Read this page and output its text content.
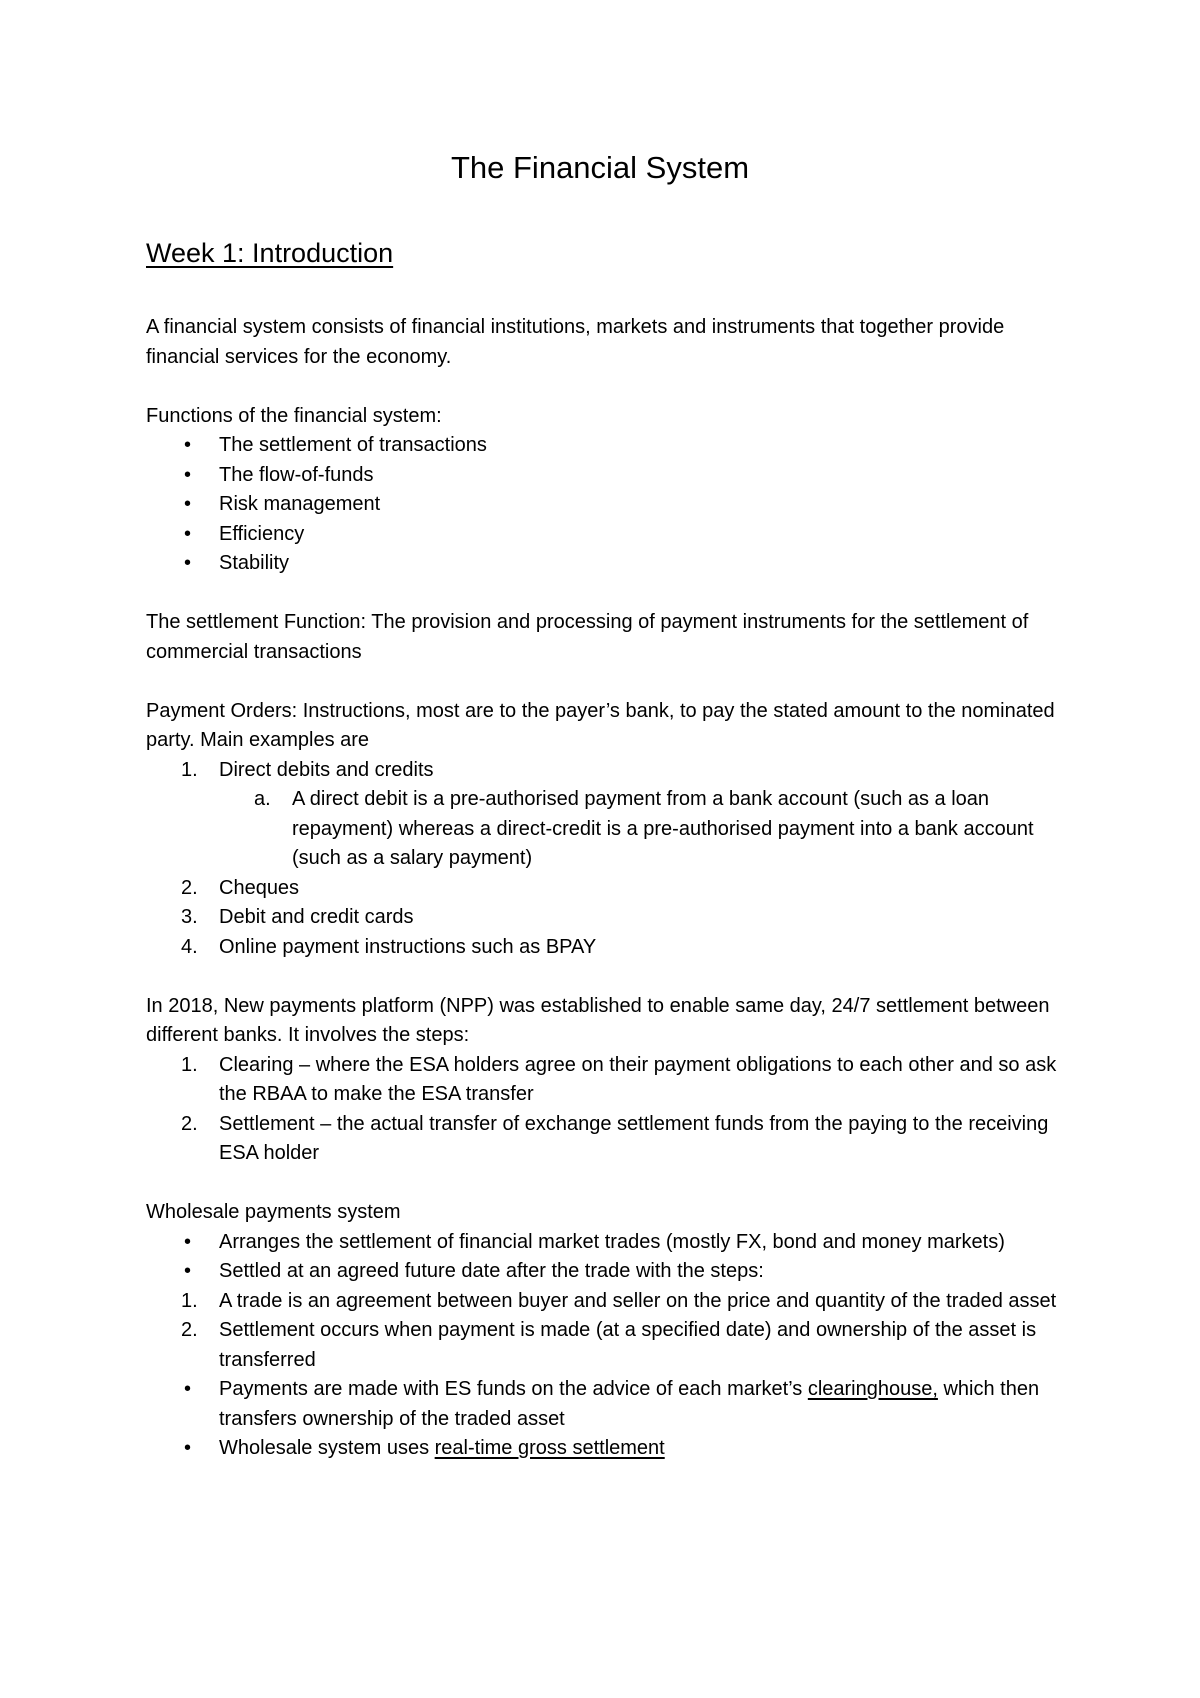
The Financial System
Week 1: Introduction

A financial system consists of financial institutions, markets and instruments that together provide financial services for the economy.

Functions of the financial system:

• The settlement of transactions
• The flow-of-funds
• Risk management
• Efficiency
• Stability

The settlement Function: The provision and processing of payment instruments for the settlement of commercial transactions

Payment Orders: Instructions, most are to the payer’s bank, to pay the stated amount to the nominated party. Main examples are

1. Direct debits and credits
a. A direct debit is a pre-authorised payment from a bank account (such as a loan repayment) whereas a direct-credit is a pre-authorised payment into a bank account (such as a salary payment)
2. Cheques
3. Debit and credit cards
4. Online payment instructions such as BPAY

In 2018, New payments platform (NPP) was established to enable same day, 24/7 settlement between different banks. It involves the steps:

1. Clearing – where the ESA holders agree on their payment obligations to each other and so ask the RBAA to make the ESA transfer
2. Settlement – the actual transfer of exchange settlement funds from the paying to the receiving ESA holder

Wholesale payments system

• Arranges the settlement of financial market trades (mostly FX, bond and money markets)
• Settled at an agreed future date after the trade with the steps:
1. A trade is an agreement between buyer and seller on the price and quantity of the traded asset
2. Settlement occurs when payment is made (at a specified date) and ownership of the asset is transferred
• Payments are made with ES funds on the advice of each market’s clearinghouse, which then transfers ownership of the traded asset
• Wholesale system uses real-time gross settlement
